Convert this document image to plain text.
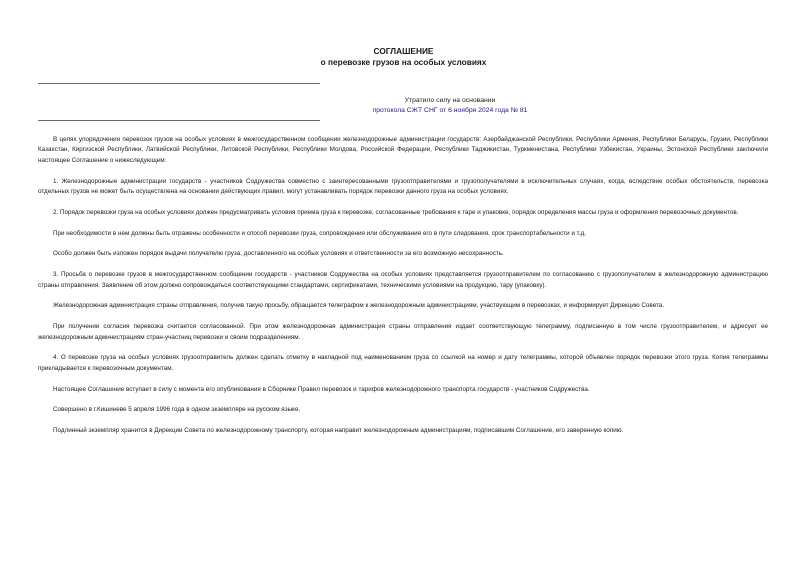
СОГЛАШЕНИЕ
о перевозке грузов на особых условиях
Утратило силу на основании
протокола СЖТ СНГ от 6 ноября 2024 года № 81

В целях упорядочения перевозок грузов на особых условиях в межгосударственном сообщении железнодорожные администрации государств: Азербайджанской Республики, Республики Армения, Республики Беларусь, Грузии, Республики Казахстан, Киргизской Республики, Латвийской Республики, Литовской Республики, Республики Молдова, Российской Федерации, Республики Таджикистан, Туркменистана, Республики Узбекистан, Украины, Эстонской Республики заключили настоящее Соглашение о нижеследующем:

1. Железнодорожные администрации государств - участников Содружества совместно с заинтересованными грузоотправителями и грузополучателями в исключительных случаях, когда, вследствие особых обстоятельств, перевозка отдельных грузов не может быть осуществлена на основании действующих правил, могут устанавливать порядок перевозки данного груза на особых условиях.

2. Порядок перевозки груза на особых условиях должен предусматривать условия приема груза к перевозке, согласованные требования к таре и упаковке, порядок определения массы груза и оформления перевозочных документов.

При необходимости в нем должны быть отражены особенности и способ перевозки груза, сопровождения или обслуживания его в пути следования, срок транспортабельности и т.д.

Особо должен быть изложен порядок выдачи получателю груза, доставленного на особых условиях и ответственности за его возможную несохранность.

3. Просьба о перевозке грузов в межгосударственном сообщении государств - участников Содружества на особых условиях представляется грузоотправителем по согласованию с грузополучателем в железнодорожную администрацию страны отправления. Заявление об этом должно сопровождаться соответствующими стандартами, сертификатами, техническими условиями на продукцию, тару (упаковку).

Железнодорожная администрация страны отправления, получив такую просьбу, обращается телеграфом к железнодорожным администрациям, участвующим в перевозках, и информирует Дирекцию Совета.

При получении согласия перевозка считается согласованной. При этом железнодорожная администрация страны отправления издает соответствующую телеграмму, подписанную в том числе грузоотправителем, и адресует ее железнодорожным администрациям стран-участниц перевозки и своим подразделениям.

4. О перевозке груза на особых условиях грузоотправитель должен сделать отметку в накладной под наименованием груза со ссылкой на номер и дату телеграммы, которой объявлен порядок перевозки этого груза. Копия телеграммы прикладывается к перевозочным документам.

Настоящее Соглашение вступает в силу с момента его опубликования в Сборнике Правил перевозок и тарифов железнодорожного транспорта государств - участников Содружества.

Совершено в г.Кишиневе 5 апреля 1996 года в одном экземпляре на русском языке.

Подлинный экземпляр хранится в Дирекции Совета по железнодорожному транспорту, которая направит железнодорожным администрациям, подписавшим Соглашение, его заверенную копию.
